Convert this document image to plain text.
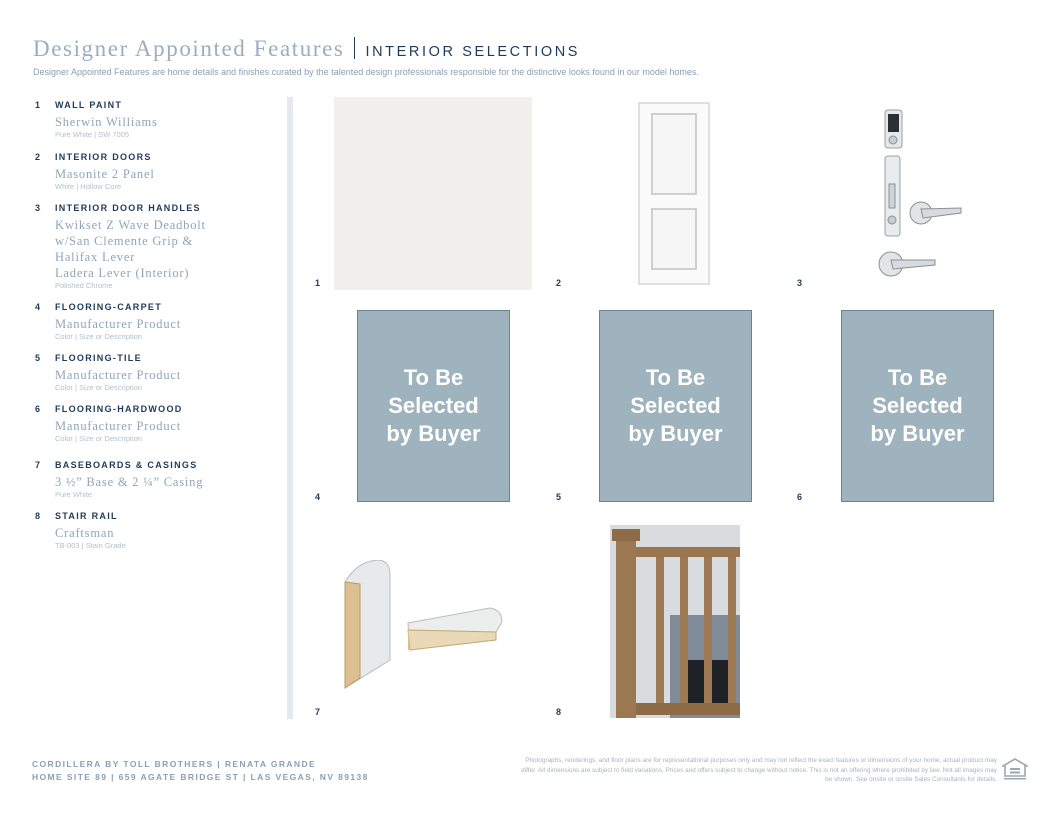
Designer Appointed Features INTERIOR SELECTIONS
Designer Appointed Features are home details and finishes curated by the talented design professionals responsible for the distinctive looks found in our model homes.
1	WALL PAINT
Sherwin Williams
Pure White | SW 7005
2	INTERIOR DOORS
Masonite 2 Panel
White | Hollow Core
3	INTERIOR DOOR HANDLES
Kwikset Z Wave Deadbolt w/San Clemente Grip & Halifax Lever
Ladera Lever (Interior)
Polished Chrome
4	FLOORING-CARPET
Manufacturer Product
Color | Size or Description
5	FLOORING-TILE
Manufacturer Product
Color | Size or Description
6	FLOORING-HARDWOOD
Manufacturer Product
Color | Size or Description
7	BASEBOARDS & CASINGS
3 ½” Base & 2 ¼” Casing
Pure White
8	STAIR RAIL
Craftsman
TB-003 | Stain Grade
1	2	3
To Be
Selected
by Buyer
4
To Be
Selected
by Buyer
5
To Be
Selected
by Buyer
6
7	8
CORDILLERA BY TOLL BROTHERS | RENATA GRANDE
HOME SITE 89 | 659 AGATE BRIDGE ST | LAS VEGAS, NV 89138
Photographs, renderings, and floor plans are for representational purposes only and may not reflect the exact features or dimensions of your home; actual product may differ. All dimensions are subject to field variations. Prices and offers subject to change without notice. This is not an offering where prohibited by law. Not all images may be shown. See onsite or onsite Sales Consultants for details.
